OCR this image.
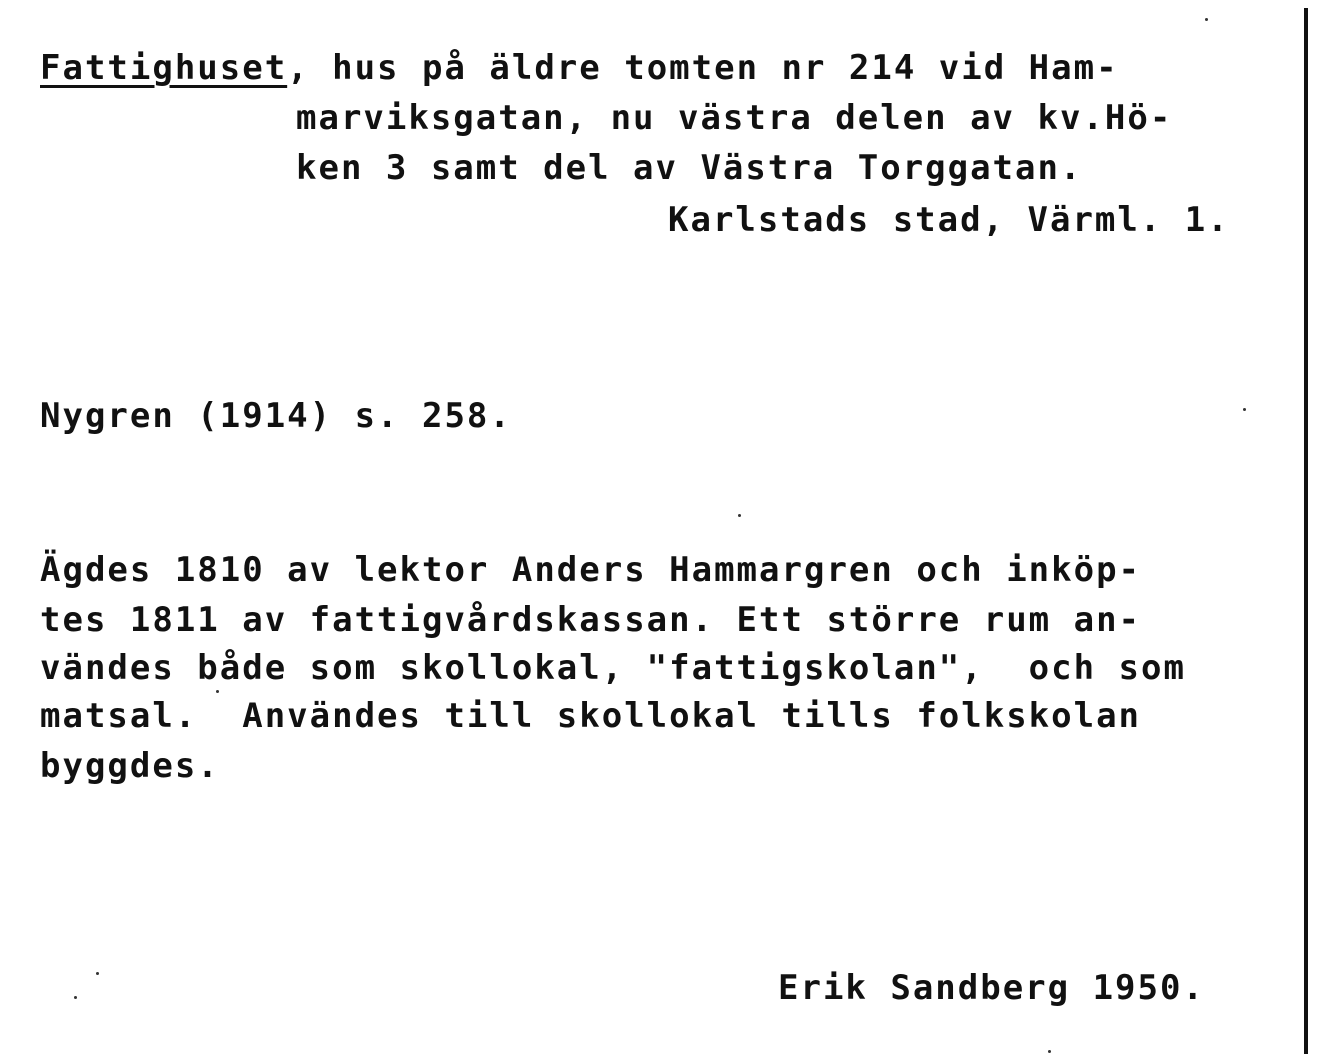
Fattighuset, hus på äldre tomten nr 214 vid Ham-
marviksgatan, nu västra delen av kv.Hö-
ken 3 samt del av Västra Torggatan.
Karlstads stad, Värml. 1.
Nygren (1914) s. 258.
Ägdes 1810 av lektor Anders Hammargren och inköp-
tes 1811 av fattigvårdskassan. Ett större rum an-
vändes både som skollokal, "fattigskolan",  och som
matsal.  Användes till skollokal tills folkskolan
byggdes.
Erik Sandberg 1950.
